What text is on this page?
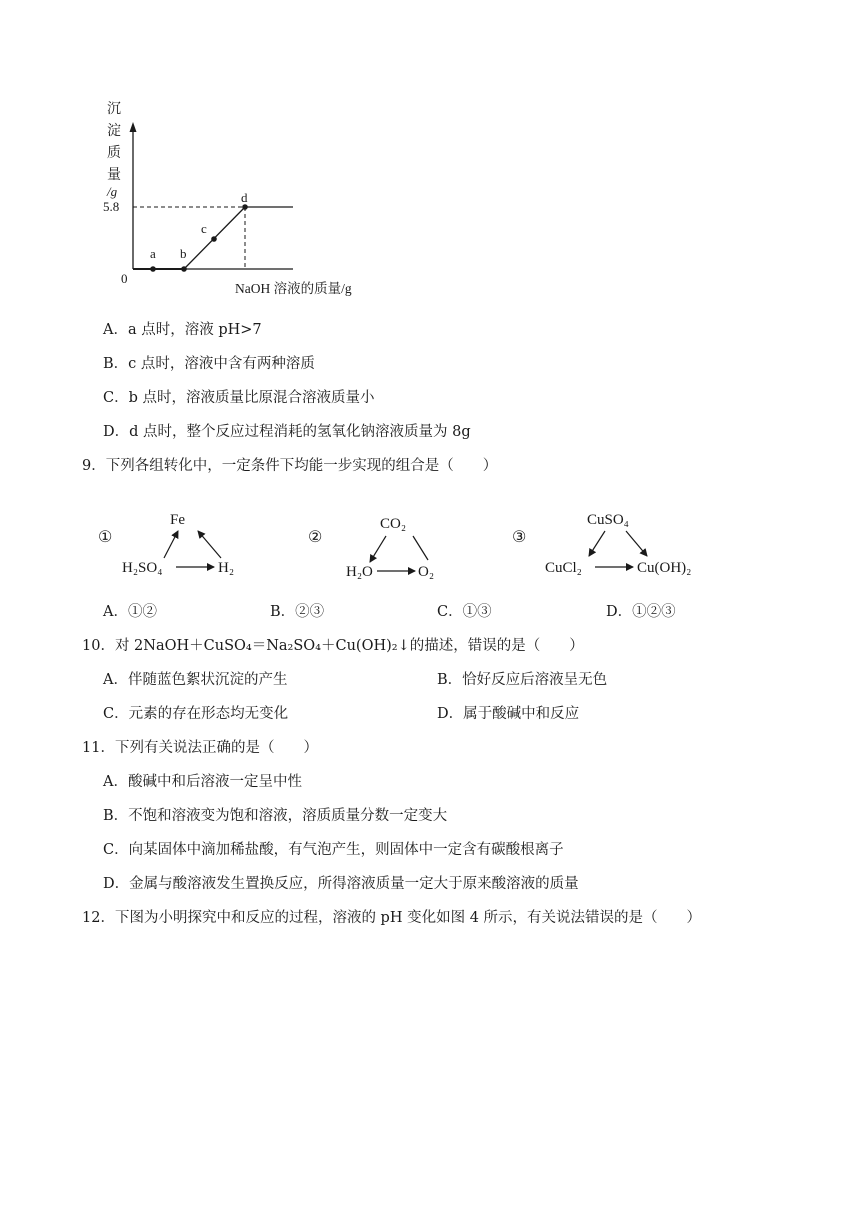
沉
淀
质
量
/g
5.8
a b
c
d
0
NaOH 溶液的质量/g
A．a 点时，溶液 pH>7
B．c 点时，溶液中含有两种溶质
C．b 点时，溶液质量比原混合溶液质量小
D．d 点时，整个反应过程消耗的氢氧化钠溶液质量为 8g
9．下列各组转化中，一定条件下均能一步实现的组合是（　　）
①
Fe
H₂SO₄	H₂
②
CO₂
H₂O	O₂
③
CuSO₄
CuCl₂	Cu(OH)₂
A．①②	B．②③	C．①③	D．①②③
10．对 2NaOH＋CuSO₄＝Na₂SO₄＋Cu(OH)₂↓的描述，错误的是（　　）
A．伴随蓝色絮状沉淀的产生	B．恰好反应后溶液呈无色
C．元素的存在形态均无变化	D．属于酸碱中和反应
11．下列有关说法正确的是（　　）
A．酸碱中和后溶液一定呈中性
B．不饱和溶液变为饱和溶液，溶质质量分数一定变大
C．向某固体中滴加稀盐酸，有气泡产生，则固体中一定含有碳酸根离子
D．金属与酸溶液发生置换反应，所得溶液质量一定大于原来酸溶液的质量
12．下图为小明探究中和反应的过程，溶液的 pH 变化如图 4 所示，有关说法错误的是（　　）
